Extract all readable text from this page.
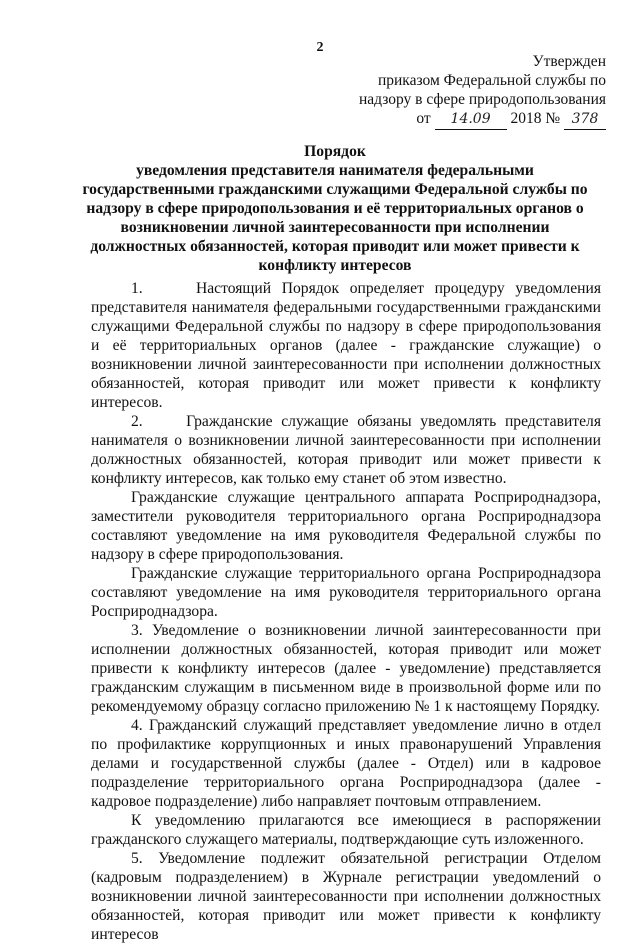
2
Утвержден
приказом Федеральной службы по
надзору в сфере природопользования
от 14.09 2018 № 378
Порядок
уведомления представителя нанимателя федеральными
государственными гражданскими служащими Федеральной службы по
надзору в сфере природопользования и её территориальных органов о
возникновении личной заинтересованности при исполнении
должностных обязанностей, которая приводит или может привести к
конфликту интересов

1.     Настоящий Порядок определяет процедуру уведомления представителя нанимателя федеральными государственными гражданскими служащими Федеральной службы по надзору в сфере природопользования и её территориальных органов (далее - гражданские служащие) о возникновении личной заинтересованности при исполнении должностных обязанностей, которая приводит или может привести к конфликту интересов.

2.     Гражданские служащие обязаны уведомлять представителя нанимателя о возникновении личной заинтересованности при исполнении должностных обязанностей, которая приводит или может привести к конфликту интересов, как только ему станет об этом известно.

Гражданские служащие центрального аппарата Росприроднадзора, заместители руководителя территориального органа Росприроднадзора составляют уведомление на имя руководителя Федеральной службы по надзору в сфере природопользования.

Гражданские служащие территориального органа Росприроднадзора составляют уведомление на имя руководителя территориального органа Росприроднадзора.

3. Уведомление о возникновении личной заинтересованности при исполнении должностных обязанностей, которая приводит или может привести к конфликту интересов (далее - уведомление) представляется гражданским служащим в письменном виде в произвольной форме или по рекомендуемому образцу согласно приложению № 1 к настоящему Порядку.

4. Гражданский служащий представляет уведомление лично в отдел по профилактике коррупционных и иных правонарушений Управления делами и государственной службы (далее - Отдел) или в кадровое подразделение территориального органа Росприроднадзора (далее - кадровое подразделение) либо направляет почтовым отправлением.

К уведомлению прилагаются все имеющиеся в распоряжении гражданского служащего материалы, подтверждающие суть изложенного.

5. Уведомление подлежит обязательной регистрации Отделом (кадровым подразделением) в Журнале регистрации уведомлений о возникновении личной заинтересованности при исполнении должностных обязанностей, которая приводит или может привести к конфликту интересов
